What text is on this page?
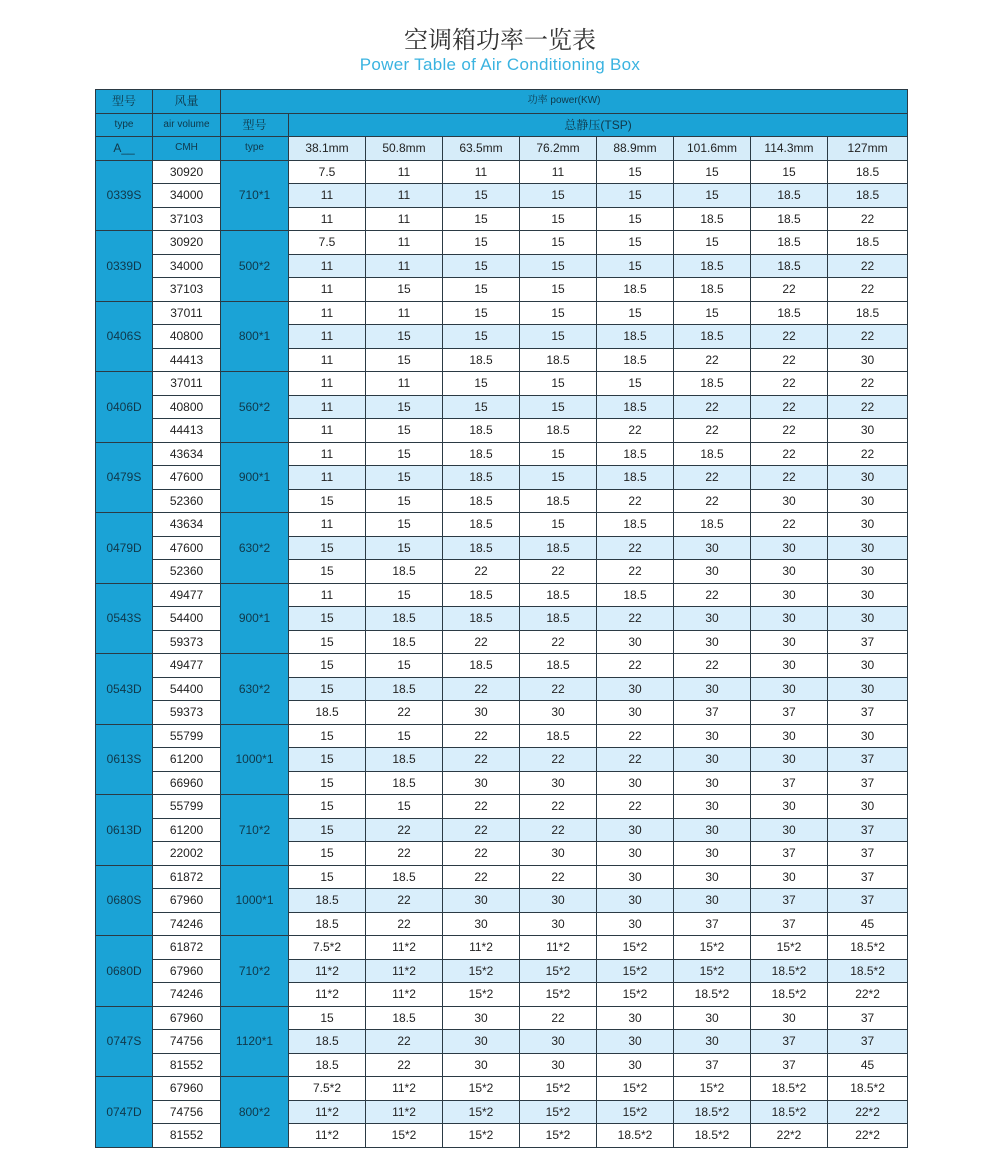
空调箱功率一览表
Power Table of Air Conditioning Box
型号	风量	功率 power(KW)								
type	air volume	型号	总静压(TSP)							
A__	CMH	type	38.1mm	50.8mm	63.5mm	76.2mm	88.9mm	101.6mm	114.3mm	127mm
0339S	30920	710*1	7.5	11	11	11	15	15	15	18.5
	34000		11	11	15	15	15	15	18.5	18.5
	37103		11	11	15	15	15	18.5	18.5	22
0339D	30920	500*2	7.5	11	15	15	15	15	18.5	18.5
	34000		11	11	15	15	15	18.5	18.5	22
	37103		11	15	15	15	18.5	18.5	22	22
0406S	37011	800*1	11	11	15	15	15	15	18.5	18.5
	40800		11	15	15	15	18.5	18.5	22	22
	44413		11	15	18.5	18.5	18.5	22	22	30
0406D	37011	560*2	11	11	15	15	15	18.5	22	22
	40800		11	15	15	15	18.5	22	22	22
	44413		11	15	18.5	18.5	22	22	22	30
0479S	43634	900*1	11	15	18.5	15	18.5	18.5	22	22
	47600		11	15	18.5	15	18.5	22	22	30
	52360		15	15	18.5	18.5	22	22	30	30
0479D	43634	630*2	11	15	18.5	15	18.5	18.5	22	30
	47600		15	15	18.5	18.5	22	30	30	30
	52360		15	18.5	22	22	22	30	30	30
0543S	49477	900*1	11	15	18.5	18.5	18.5	22	30	30
	54400		15	18.5	18.5	18.5	22	30	30	30
	59373		15	18.5	22	22	30	30	30	37
0543D	49477	630*2	15	15	18.5	18.5	22	22	30	30
	54400		15	18.5	22	22	30	30	30	30
	59373		18.5	22	30	30	30	37	37	37
0613S	55799	1000*1	15	15	22	18.5	22	30	30	30
	61200		15	18.5	22	22	22	30	30	37
	66960		15	18.5	30	30	30	30	37	37
0613D	55799	710*2	15	15	22	22	22	30	30	30
	61200		15	22	22	22	30	30	30	37
	22002		15	22	22	30	30	30	37	37
0680S	61872	1000*1	15	18.5	22	22	30	30	30	37
	67960		18.5	22	30	30	30	30	37	37
	74246		18.5	22	30	30	30	37	37	45
0680D	61872	710*2	7.5*2	11*2	11*2	11*2	15*2	15*2	15*2	18.5*2
	67960		11*2	11*2	15*2	15*2	15*2	15*2	18.5*2	18.5*2
	74246		11*2	11*2	15*2	15*2	15*2	18.5*2	18.5*2	22*2
0747S	67960	1120*1	15	18.5	30	22	30	30	30	37
	74756		18.5	22	30	30	30	30	37	37
	81552		18.5	22	30	30	30	37	37	45
0747D	67960	800*2	7.5*2	11*2	15*2	15*2	15*2	15*2	18.5*2	18.5*2
	74756		11*2	11*2	15*2	15*2	15*2	18.5*2	18.5*2	22*2
	81552		11*2	15*2	15*2	15*2	18.5*2	18.5*2	22*2	22*2
